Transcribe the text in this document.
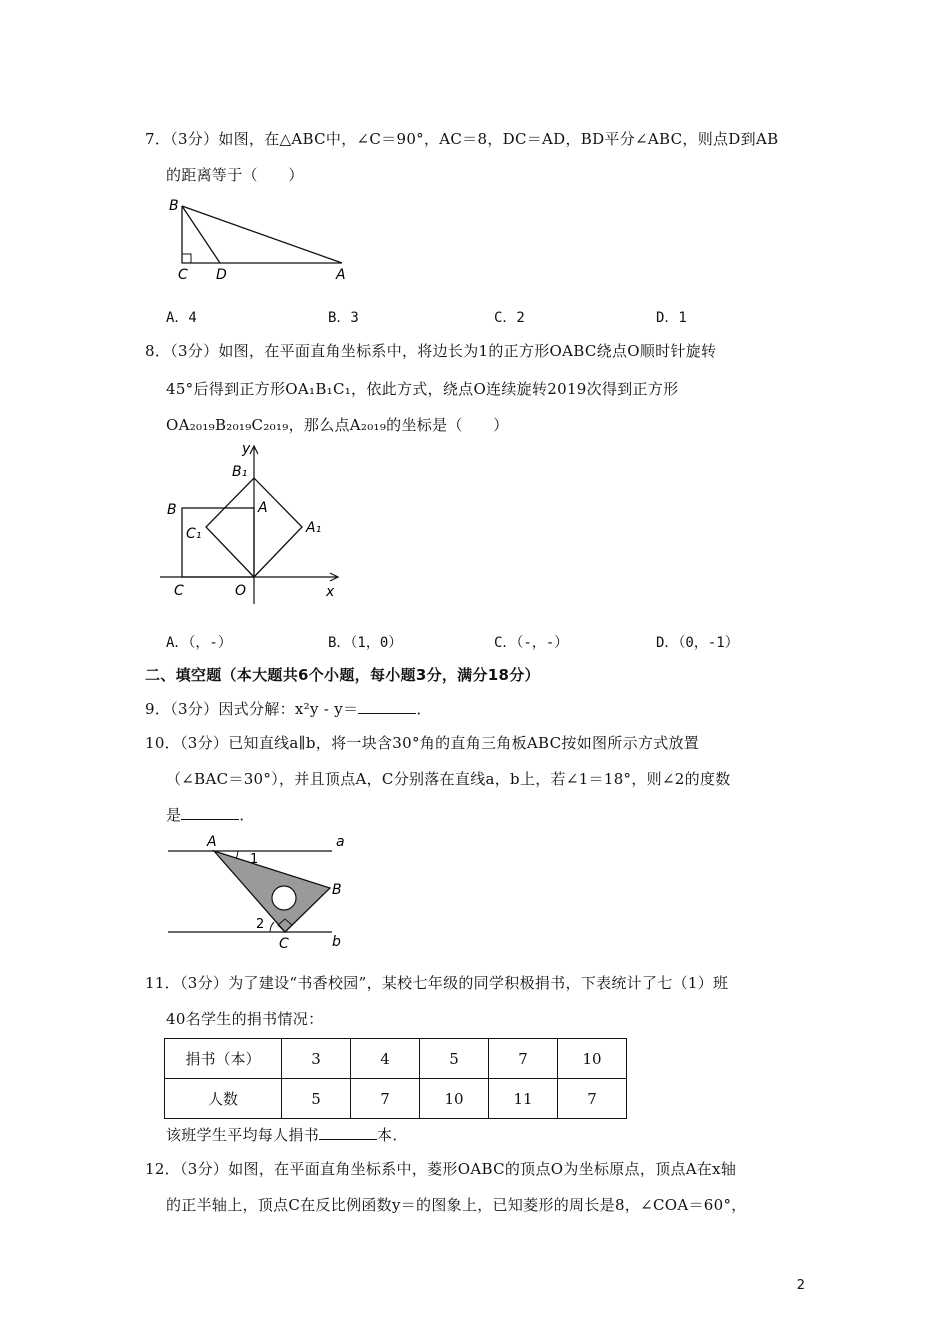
7．（3分）如图，在△ABC中，∠C＝90°，AC＝8，DC＝AD，BD平分∠ABC，则点D到AB
的距离等于（　　）
B
C D	A
A．4	B．3	C．2	D．1
8．（3分）如图，在平面直角坐标系中，将边长为1的正方形OABC绕点O顺时针旋转
45°后得到正方形OA₁B₁C₁，依此方式，绕点O连续旋转2019次得到正方形
OA₂₀₁₉B₂₀₁₉C₂₀₁₉，那么点A₂₀₁₉的坐标是（　　）
y
B₁
B	A
C₁	A₁
C	O	x
A．（，-）	B．（1，0）	C．（-，-）	D．（0，-1）
二、填空题（本大题共6个小题，每小题3分，满分18分）
9．（3分）因式分解：x²y - y＝	．
10．（3分）已知直线a∥b，将一块含30°角的直角三角板ABC按如图所示方式放置
（∠BAC＝30°），并且顶点A，C分别落在直线a，b上，若∠1＝18°，则∠2的度数
是	．
A
1
a
B
2
C	b
11．（3分）为了建设“书香校园”，某校七年级的同学积极捐书，下表统计了七（1）班
40名学生的捐书情况：
捐书（本）	3	4	5	7	10
人数	5	7	10	11	7
该班学生平均每人捐书	本．
12．（3分）如图，在平面直角坐标系中，菱形OABC的顶点O为坐标原点，顶点A在x轴
的正半轴上，顶点C在反比例函数y＝的图象上，已知菱形的周长是8，∠COA＝60°，
2
